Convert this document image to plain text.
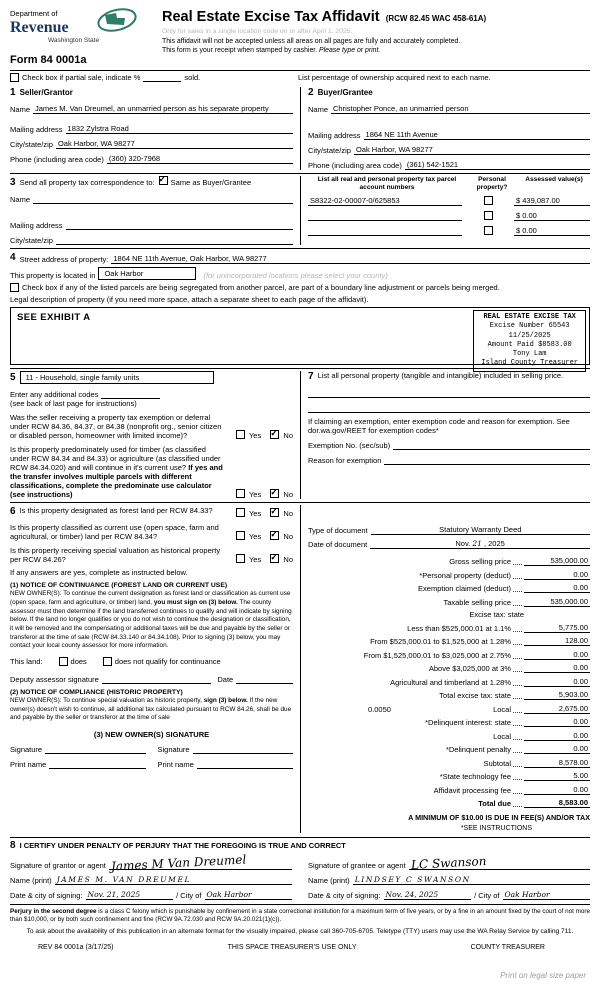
Department of
Revenue
Washington State
Form 84 0001a
Real Estate Excise Tax Affidavit (RCW 82.45 WAC 458-61A)
Only for sales in a single location code on or after April 1, 2025.
This affidavit will not be accepted unless all areas on all pages are fully and accurately completed.
This form is your receipt when stamped by cashier. Please type or print.
Check box if partial sale, indicate %	sold.	List percentage of ownership acquired next to each name.
1 Seller/Grantor
Name James M. Van Dreumel, an unmarried person as his separate property
Mailing address 1832 Zylstra Road
City/state/zip Oak Harbor, WA 98277
Phone (including area code) (360) 320-7968
2 Buyer/Grantee
Name Christopher Ponce, an unmarried person
Mailing address 1864 NE 11th Avenue
City/state/zip Oak Harbor, WA 98277
Phone (including area code) (361) 542-1521
3 Send all property tax correspondence to: ✓ Same as Buyer/Grantee
Name
Mailing address
City/state/zip
List all real and personal property tax parcel account numbers
Personal property?
Assessed value(s)
S8322-02-00007-0/625853	$ 439,087.00
$ 0.00
$ 0.00
4 Street address of property: 1864 NE 11th Avenue, Oak Harbor, WA 98277
This property is located in	Oak Harbor	(for unincorporated locations please select your county)
Check box if any of the listed parcels are being segregated from another parcel, are part of a boundary line adjustment or parcels being merged.
Legal description of property (if you need more space, attach a separate sheet to each page of the affidavit).
SEE EXHIBIT A	REAL ESTATE EXCISE TAX
Excise Number 65543
11/25/2025
Amount Paid $8583.00
Tony Lam
Island County Treasurer
5	11 - Household, single family units
Enter any additional codes
(see back of last page for instructions)
Was the seller receiving a property tax exemption or deferral under RCW 84.36, 84.37, or 84.38 (nonprofit org., senior citizen or disabled person, homeowner with limited income)?	Yes ✓	No
Is this property predominately used for timber (as classified under RCW 84.34 and 84.33) or agriculture (as classified under RCW 84.34.020) and will continue in it's current use? If yes and the transfer involves multiple parcels with different classifications, complete the predominate use calculator (see instructions)	Yes ✓	No
7 List all personal property (tangible and intangible) included in selling price.
If claiming an exemption, enter exemption code and reason for exemption. See dor.wa.gov/REET for exemption codes*
Exemption No. (sec/sub)
Reason for exemption
6 Is this property designated as forest land per RCW 84.33?	Yes ✓	No
Is this property classified as current use (open space, farm and agricultural, or timber) land per RCW 84.34?	Yes ✓	No
Is this property receiving special valuation as historical property per RCW 84.26?	Yes ✓	No
If any answers are yes, complete as instructed below.
(1) NOTICE OF CONTINUANCE (FOREST LAND OR CURRENT USE)
NEW OWNER(S): To continue the current designation as forest land or classification as current use (open space, farm and agriculture, or timber) land, you must sign on (3) below. The county assessor must then determine if the land transferred continues to qualify and will indicate by signing below. If the land no longer qualifies or you do not wish to continue the designation or classification, it will be removed and the compensating or additional taxes will be due and payable by the seller or transferor at the time of sale (RCW 84.33.140 or 84.34.108). Prior to signing (3) below, you may contact your local county assessor for more information.
This land:	does	does not qualify for continuance
Deputy assessor signature	Date
(2) NOTICE OF COMPLIANCE (HISTORIC PROPERTY)
NEW OWNER(S): To continue special valuation as historic property, sign (3) below. If the new owner(s) doesn't wish to continue, all additional tax calculated pursuant to RCW 84.26, shall be due and payable by the seller or transferor at the time of sale
(3) NEW OWNER(S) SIGNATURE
Signature	Signature
Print name	Print name
Type of document	Statutory Warranty Deed
Date of document	Nov. 21 , 2025
Gross selling price	535,000.00
*Personal property (deduct)	0.00
Exemption claimed (deduct)	0.00
Taxable selling price	535,000.00
Excise tax: state
Less than $525,000.01 at 1.1%	5,775.00
From $525,000.01 to $1,525,000 at 1.28%	128.00
From $1,525,000.01 to $3,025,000 at 2.75%	0.00
Above $3,025,000 at 3%	0.00
Agricultural and timberland at 1.28%	0.00
Total excise tax: state	5,903.00
0.0050	Local	2,675.00
*Delinquent interest: state	0.00
Local	0.00
*Delinquent penalty	0.00
Subtotal	8,578.00
*State technology fee	5.00
Affidavit processing fee	0.00
Total due	8,583.00
A MINIMUM OF $10.00 IS DUE IN FEE(S) AND/OR TAX
*SEE INSTRUCTIONS
8 I CERTIFY UNDER PENALTY OF PERJURY THAT THE FOREGOING IS TRUE AND CORRECT
Signature of grantor or agent James M Van Dreumel
Name (print) JAMES M. VAN DREUMEL
Date & city of signing: Nov. 21, 2025	/ City of Oak Harbor
Signature of grantee or agent LC Swanson
Name (print) LINDSEY C SWANSON
Date & city of signing: Nov. 24, 2025	/ City of Oak Harbor
Perjury in the second degree is a class C felony which is punishable by confinement in a state correctional institution for a maximum term of five years, or by a fine in an amount fixed by the court of not more than $10,000, or by both such confinement and fine (RCW 9A.72.030 and RCW 9A.20.021(1)(c)).
To ask about the availability of this publication in an alternate format for the visually impaired, please call 360-705-6705. Teletype (TTY) users may use the WA Relay Service by calling 711.
REV 84 0001a (3/17/25)	THIS SPACE TREASURER'S USE ONLY	COUNTY TREASURER
Print on legal size paper
